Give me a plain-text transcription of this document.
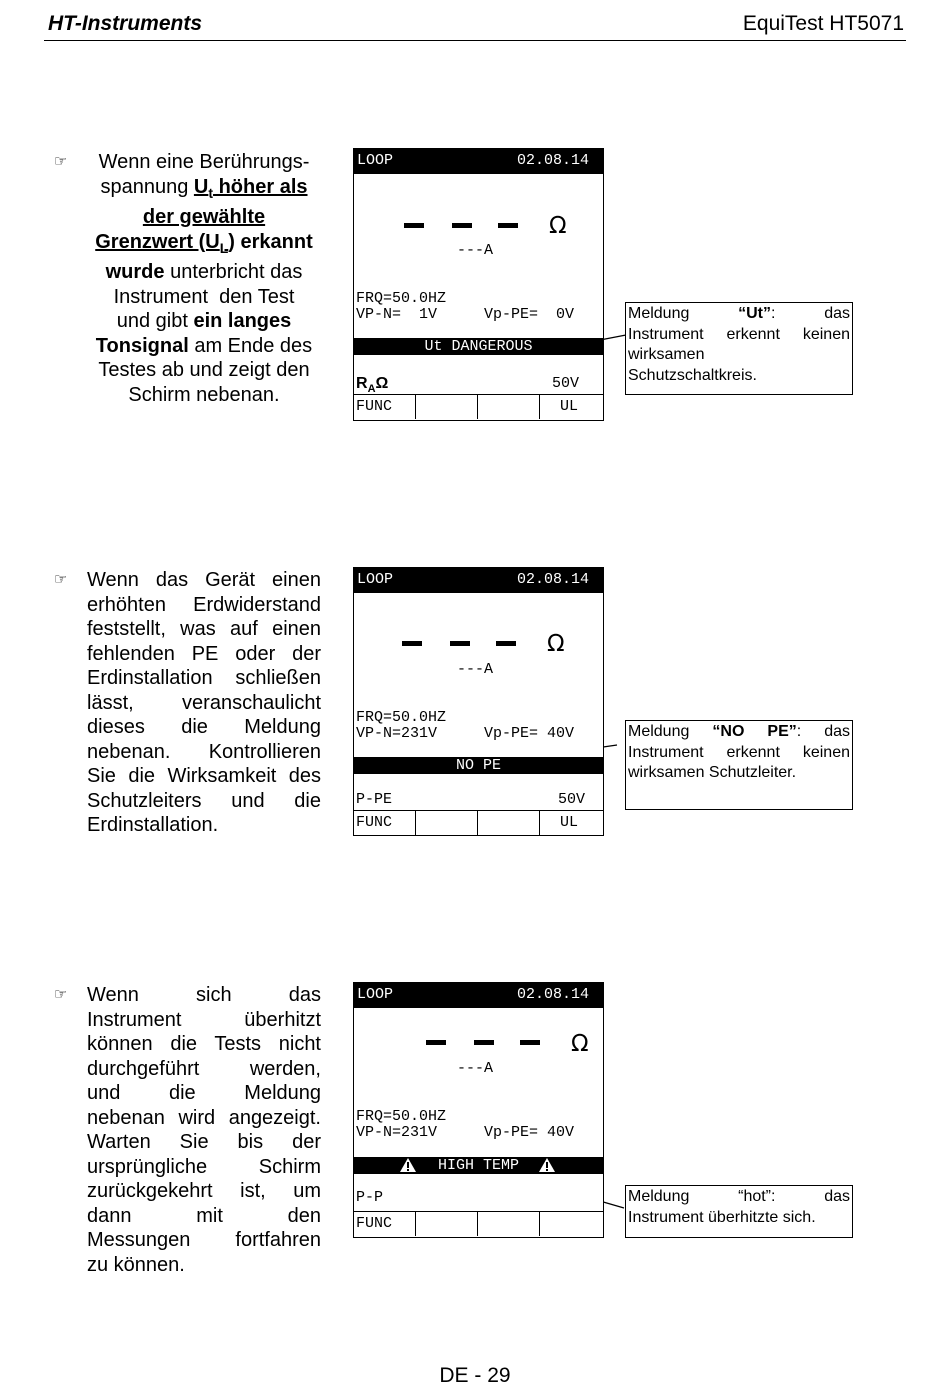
HT-Instruments	EquiTest HT5071
☞	Wenn eine Berührungs-
spannung $U_t$ höher als
der gewählte
Grenzwert $(U_L)$ erkannt
wurde unterbricht das
Instrument  den Test
und gibt ein langes
Tonsignal am Ende des
Testes ab und zeigt den
Schirm nebenan.
LOOP	02.08.14
Ω
---A
FRQ=50.0HZ
VP-N=  1V	Vp-PE=  0V
Ut DANGEROUS
$R_A\Omega$	50V
FUNC	UL
Meldung	“Ut”:	das
Instrument erkennt keinen
wirksamen
Schutzschaltkreis.
☞ Wenn das Gerät einen
erhöhten Erdwiderstand
feststellt, was auf einen
fehlenden PE oder der
Erdinstallation schließen
lässt, veranschaulicht
dieses die Meldung
nebenan. Kontrollieren
Sie die Wirksamkeit des
Schutzleiters und die
Erdinstallation.
LOOP	02.08.14
Ω
---A
FRQ=50.0HZ
VP-N=231V	Vp-PE= 40V
NO PE
P-PE	50V
FUNC	UL
Meldung “NO PE”: das
Instrument erkennt keinen
wirksamen Schutzleiter.
☞ Wenn sich das
Instrument überhitzt
können die Tests nicht
durchgeführt werden,
und die Meldung
nebenan wird angezeigt.
Warten Sie bis der
ursprüngliche Schirm
zurückgekehrt ist, um
dann mit den
Messungen fortfahren
zu können.
LOOP	02.08.14
Ω
---A
FRQ=50.0HZ
VP-N=231V	Vp-PE= 40V
HIGH TEMP
P-P
FUNC
Meldung	“hot”:	das
Instrument überhitzte sich.
DE - 29
